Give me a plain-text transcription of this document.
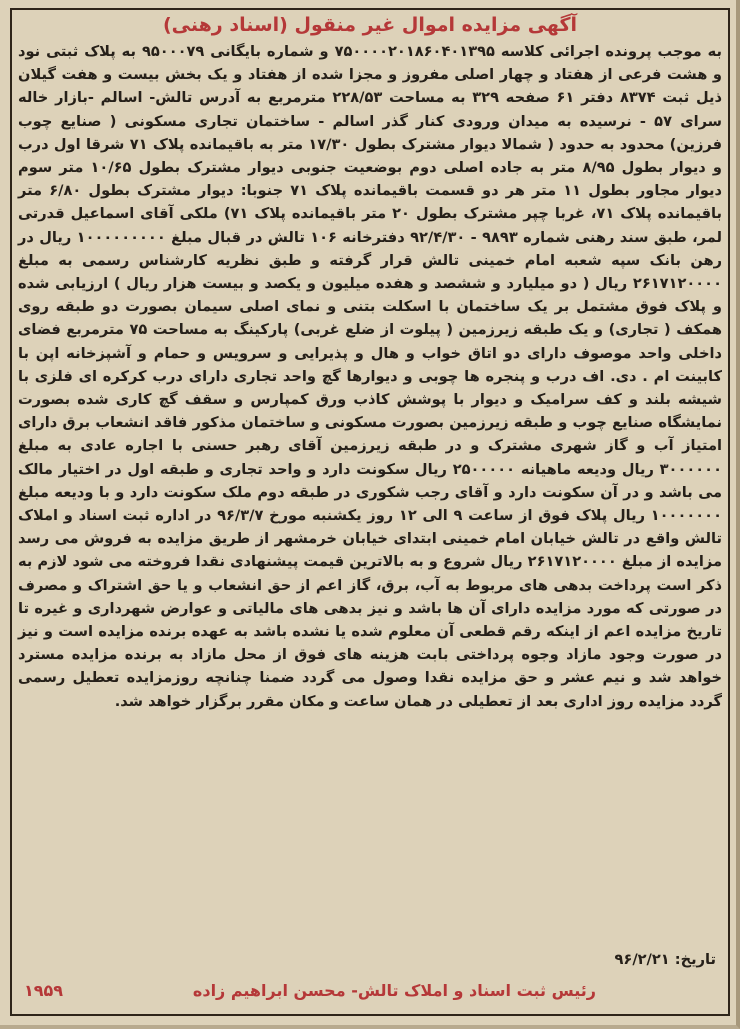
آگهی مزایده اموال غیر منقول (اسناد رهنی)

به موجب پرونده اجرائی کلاسه ۷۵۰۰۰۰۲۰۱۸۶۰۴۰۱۳۹۵ و شماره بایگانی ۹۵۰۰۰۷۹ به پلاک ثبتی نود و هشت فرعی از هفتاد و چهار اصلی مفروز و مجزا شده از هفتاد و یک بخش بیست و هفت گیلان ذیل ثبت ۸۳۷۴ دفتر ۶۱ صفحه ۳۲۹ به مساحت ۲۲۸/۵۳ مترمربع به آدرس تالش- اسالم -بازار خاله سرای ۵۷ - نرسیده به میدان ورودی کنار گذر اسالم - ساختمان تجاری مسکونی ( صنایع چوب فرزین) محدود به حدود ( شمالا دیوار مشترک بطول ۱۷/۳۰ متر به باقیمانده پلاک ۷۱ شرقا اول درب و دیوار بطول ۸/۹۵ متر به جاده اصلی دوم بوضعیت جنوبی دیوار مشترک بطول ۱۰/۶۵ متر سوم دیوار مجاور بطول ۱۱ متر هر دو قسمت باقیمانده پلاک ۷۱ جنوبا: دیوار مشترک بطول ۶/۸۰ متر باقیمانده پلاک ۷۱، غربا چپر مشترک بطول ۲۰ متر باقیمانده پلاک ۷۱) ملکی آقای اسماعیل قدرتی لمر، طبق سند رهنی شماره ۹۸۹۳ - ۹۲/۴/۳۰ دفترخانه ۱۰۶ تالش در قبال مبلغ ۱۰۰۰۰۰۰۰۰۰ ریال در رهن بانک سپه شعبه امام خمینی تالش قرار گرفته و طبق نظریه کارشناس رسمی به مبلغ ۲۶۱۷۱۲۰۰۰۰ ریال ( دو میلیارد و ششصد و هفده میلیون و یکصد و بیست هزار ریال ) ارزیابی شده و پلاک فوق مشتمل بر یک ساختمان با اسکلت بتنی و نمای اصلی سیمان بصورت دو طبقه روی همکف ( تجاری) و یک طبقه زیرزمین ( پیلوت از ضلع غربی) پارکینگ به مساحت ۷۵ مترمربع فضای داخلی واحد موصوف دارای دو اتاق خواب و هال و پذیرایی و سرویس و حمام و آشپزخانه اپن با کابینت ام . دی. اف درب و پنجره ها چوبی و دیوارها گچ واحد تجاری دارای درب کرکره ای فلزی با شیشه بلند و کف سرامیک و دیوار با پوشش کاذب ورق کمپارس و سقف گچ کاری شده بصورت نمایشگاه صنایع چوب و طبقه زیرزمین بصورت مسکونی و ساختمان مذکور فاقد انشعاب برق دارای امتیاز آب و گاز شهری مشترک و در طبقه زیرزمین آقای رهبر حسنی با اجاره عادی به مبلغ ۳۰۰۰۰۰۰ ریال ودیعه ماهیانه ۲۵۰۰۰۰۰ ریال سکونت دارد و واحد تجاری و طبقه اول در اختیار مالک می باشد و در آن سکونت دارد و آقای رجب شکوری در طبقه دوم ملک سکونت دارد و با ودیعه مبلغ ۱۰۰۰۰۰۰۰ ریال پلاک فوق از ساعت ۹ الی ۱۲ روز یکشنبه مورخ ۹۶/۳/۷ در اداره ثبت اسناد و املاک تالش واقع در تالش خیابان امام خمینی ابتدای خیابان خرمشهر از طریق مزایده به فروش می رسد مزایده از مبلغ ۲۶۱۷۱۲۰۰۰۰ ریال شروع و به بالاترین قیمت پیشنهادی نقدا فروخته می شود لازم به ذکر است پرداخت بدهی های مربوط به آب، برق، گاز اعم از حق انشعاب و یا حق اشتراک و مصرف در صورتی که مورد مزایده دارای آن ها باشد و نیز بدهی های مالیاتی و عوارض شهرداری و غیره تا تاریخ مزایده اعم از اینکه رقم قطعی آن معلوم شده یا نشده باشد به عهده برنده مزایده است و نیز در صورت وجود مازاد وجوه پرداختی بابت هزینه های فوق از محل مازاد به برنده مزایده مسترد خواهد شد و نیم عشر و حق مزایده نقدا وصول می گردد ضمنا چنانچه روزمزایده تعطیل رسمی گردد مزایده روز اداری بعد از تعطیلی در همان ساعت و مکان مقرر برگزار خواهد شد.

تاریخ: ۹۶/۲/۲۱
رئیس ثبت اسناد و املاک تالش- محسن ابراهیم زاده
۱۹۵۹
